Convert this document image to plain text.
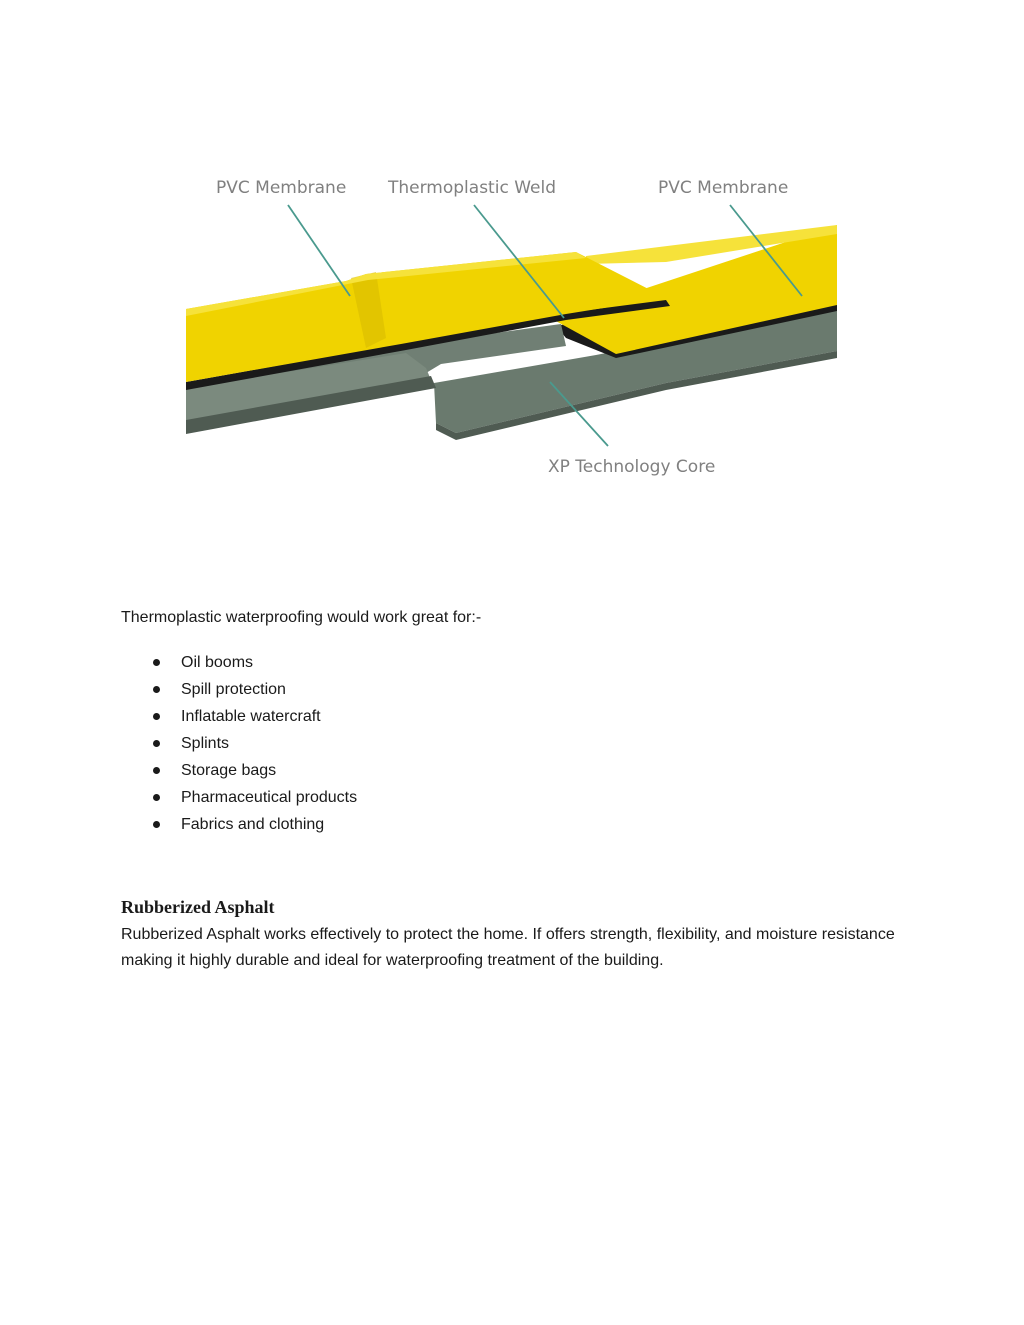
PVC Membrane Thermoplastic Weld	PVC Membrane
XP Technology Core

Thermoplastic waterproofing would work great for:-

Oil booms
Spill protection
Inflatable watercraft
Splints
Storage bags
Pharmaceutical products
Fabrics and clothing
Rubberized Asphalt

Rubberized Asphalt works effectively to protect the home. If offers strength, flexibility, and moisture resistance making it highly durable and ideal for waterproofing treatment of the building.
